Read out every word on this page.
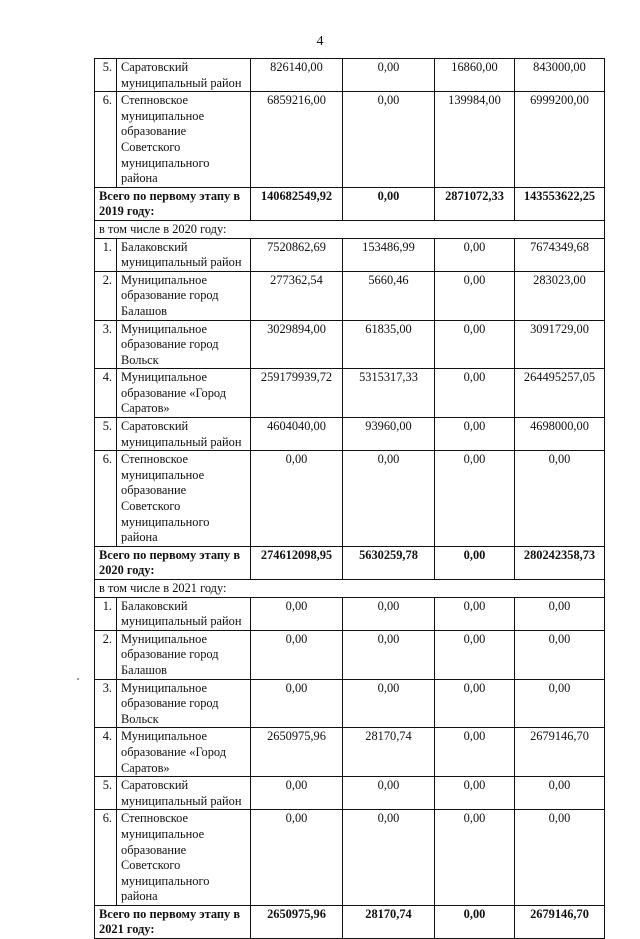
4
5.	Саратовский муниципальный район	826140,00	0,00	16860,00	843000,00
6.	Степновское муниципальное образование Советского муниципального района	6859216,00	0,00	139984,00	6999200,00
Всего по первому этапу в 2019 году:		140682549,92	0,00	2871072,33	143553622,25
в том числе в 2020 году:					
1.	Балаковский муниципальный район	7520862,69	153486,99	0,00	7674349,68
2.	Муниципальное образование город Балашов	277362,54	5660,46	0,00	283023,00
3.	Муниципальное образование город Вольск	3029894,00	61835,00	0,00	3091729,00
4.	Муниципальное образование «Город Саратов»	259179939,72	5315317,33	0,00	264495257,05
5.	Саратовский муниципальный район	4604040,00	93960,00	0,00	4698000,00
6.	Степновское муниципальное образование Советского муниципального района	0,00	0,00	0,00	0,00
Всего по первому этапу в 2020 году:		274612098,95	5630259,78	0,00	280242358,73
в том числе в 2021 году:					
1.	Балаковский муниципальный район	0,00	0,00	0,00	0,00
2.	Муниципальное образование город Балашов	0,00	0,00	0,00	0,00
3.	Муниципальное образование город Вольск	0,00	0,00	0,00	0,00
4.	Муниципальное образование «Город Саратов»	2650975,96	28170,74	0,00	2679146,70
5.	Саратовский муниципальный район	0,00	0,00	0,00	0,00
6.	Степновское муниципальное образование Советского муниципального района	0,00	0,00	0,00	0,00
Всего по первому этапу в 2021 году:		2650975,96	28170,74	0,00	2679146,70
